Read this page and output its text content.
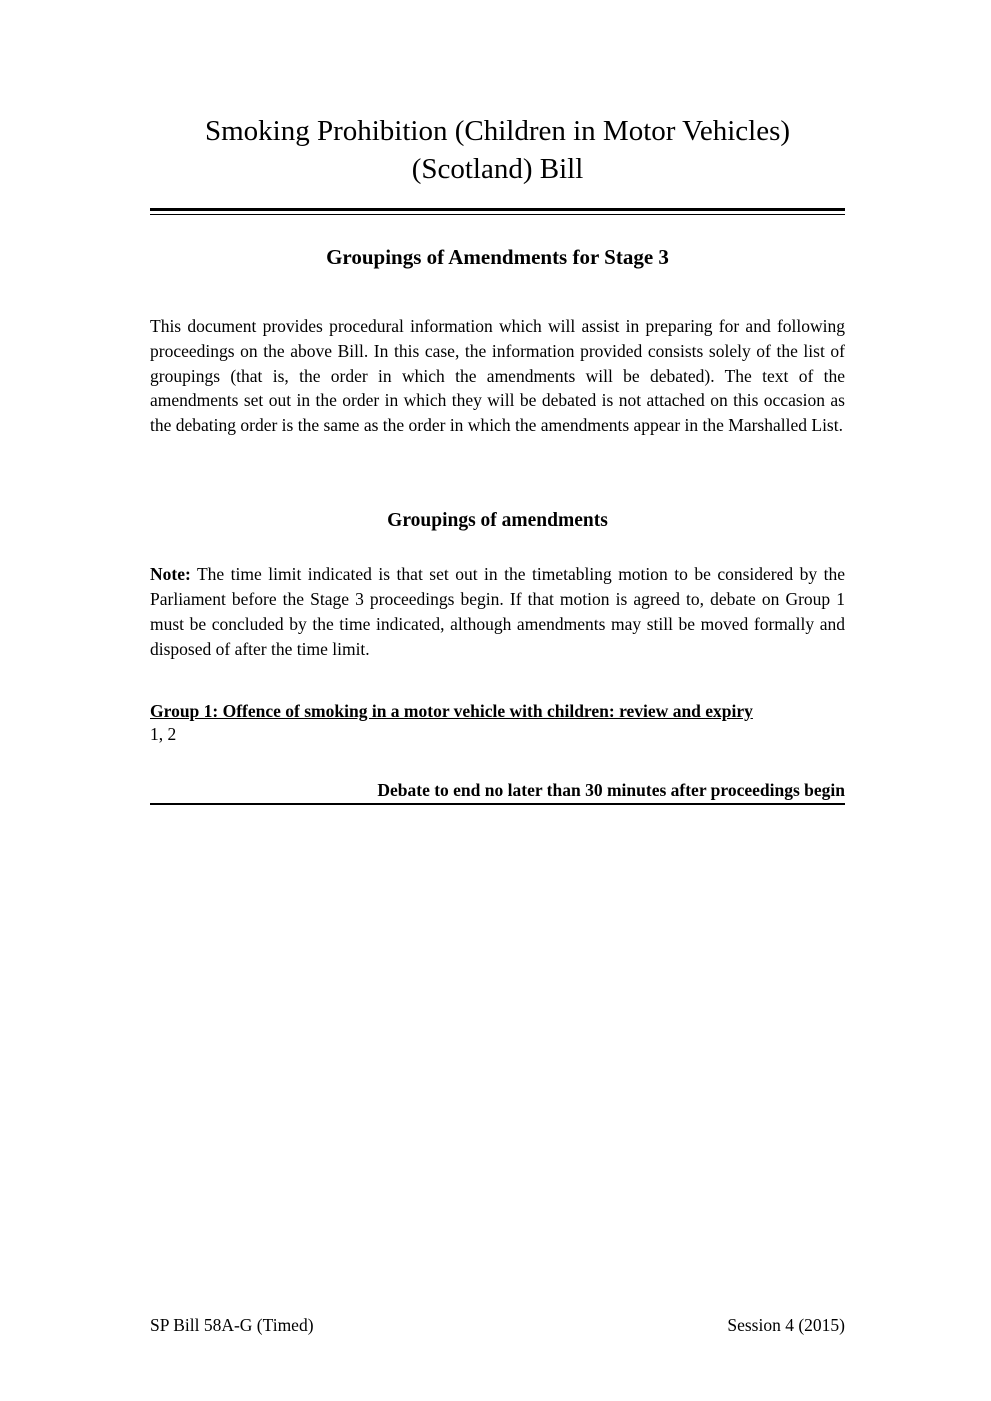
Smoking Prohibition (Children in Motor Vehicles) (Scotland) Bill
Groupings of Amendments for Stage 3

This document provides procedural information which will assist in preparing for and following proceedings on the above Bill. In this case, the information provided consists solely of the list of groupings (that is, the order in which the amendments will be debated). The text of the amendments set out in the order in which they will be debated is not attached on this occasion as the debating order is the same as the order in which the amendments appear in the Marshalled List.

Groupings of amendments

Note: The time limit indicated is that set out in the timetabling motion to be considered by the Parliament before the Stage 3 proceedings begin. If that motion is agreed to, debate on Group 1 must be concluded by the time indicated, although amendments may still be moved formally and disposed of after the time limit.

Group 1: Offence of smoking in a motor vehicle with children: review and expiry
1, 2
Debate to end no later than 30 minutes after proceedings begin
SP Bill 58A-G (Timed)	Session 4 (2015)
